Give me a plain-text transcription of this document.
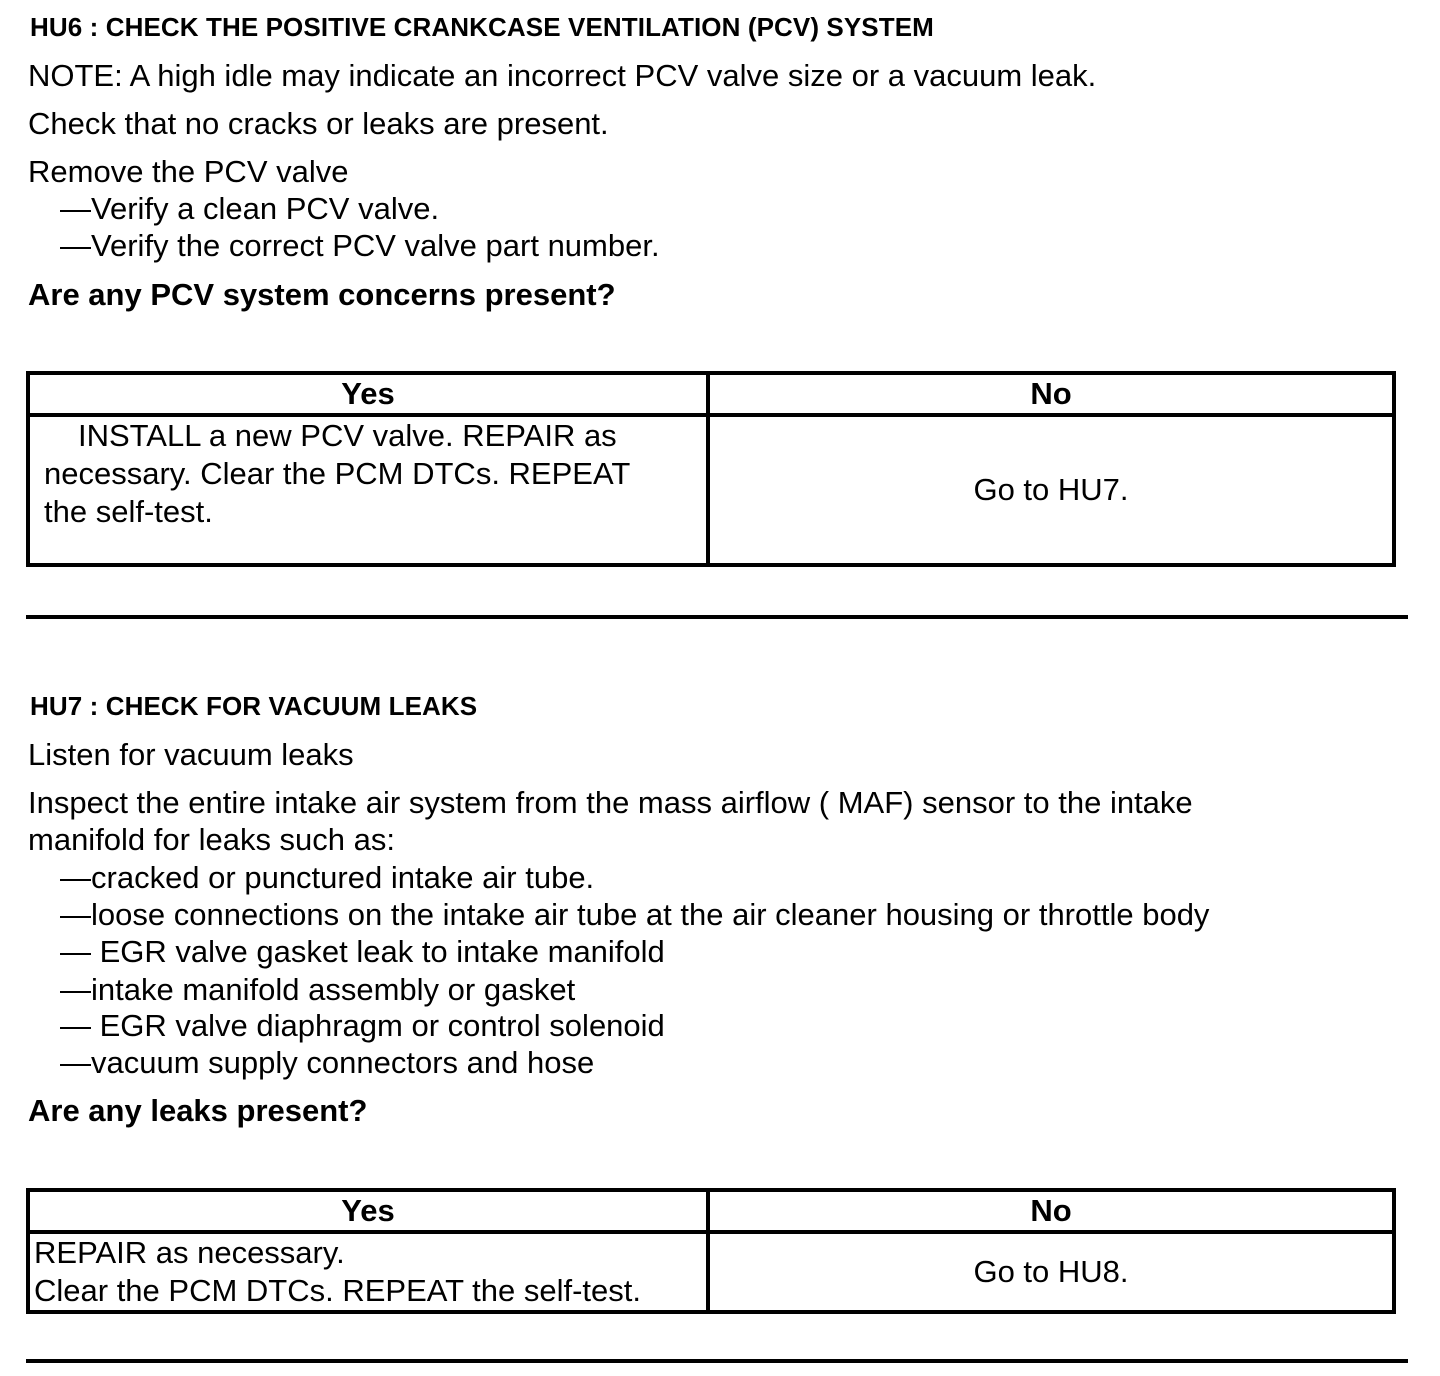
HU6 : CHECK THE POSITIVE CRANKCASE VENTILATION (PCV) SYSTEM
NOTE: A high idle may indicate an incorrect PCV valve size or a vacuum leak.
Check that no cracks or leaks are present.
Remove the PCV valve
—Verify a clean PCV valve.
—Verify the correct PCV valve part number.
Are any PCV system concerns present?
Yes	No

INSTALL a new PCV valve. REPAIR as
necessary. Clear the PCM DTCs. REPEAT
the self-test.	Go to HU7.
HU7 : CHECK FOR VACUUM LEAKS
Listen for vacuum leaks
Inspect the entire intake air system from the mass airflow ( MAF) sensor to the intake
manifold for leaks such as:
—cracked or punctured intake air tube.
—loose connections on the intake air tube at the air cleaner housing or throttle body
— EGR valve gasket leak to intake manifold
—intake manifold assembly or gasket
— EGR valve diaphragm or control solenoid
—vacuum supply connectors and hose
Are any leaks present?
Yes	No

REPAIR as necessary.
Clear the PCM DTCs. REPEAT the self-test.	Go to HU8.
